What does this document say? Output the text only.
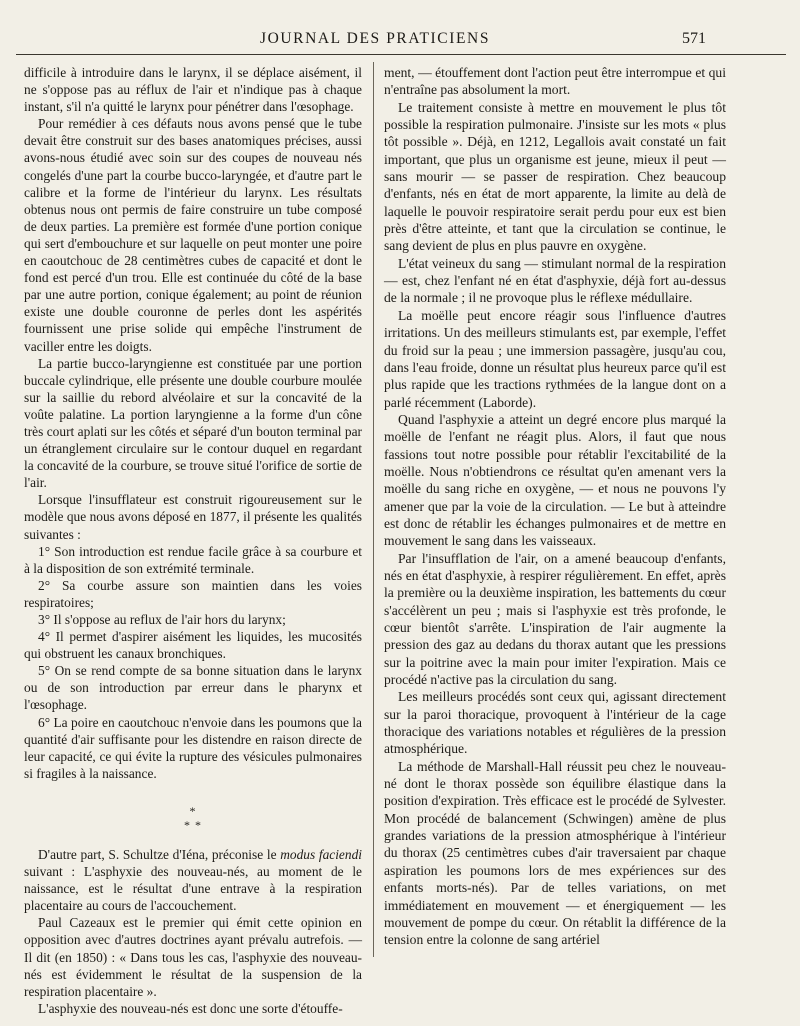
JOURNAL DES PRATICIENS	571

difficile à introduire dans le larynx, il se déplace aisément, il ne s'oppose pas au réflux de l'air et n'indique pas à chaque instant, s'il n'a quitté le larynx pour pénétrer dans l'œsophage.

Pour remédier à ces défauts nous avons pensé que le tube devait être construit sur des bases anatomiques précises, aussi avons-nous étudié avec soin sur des coupes de nouveau nés congelés d'une part la courbe bucco-laryngée, et d'autre part le calibre et la forme de l'intérieur du larynx. Les résultats obtenus nous ont permis de faire construire un tube composé de deux parties. La première est formée d'une portion conique qui sert d'embouchure et sur laquelle on peut monter une poire en caoutchouc de 28 centimètres cubes de capacité et dont le fond est percé d'un trou. Elle est continuée du côté de la base par une autre portion, conique également; au point de réunion existe une double couronne de perles dont les aspérités fournissent une prise solide qui empêche l'instrument de vaciller entre les doigts.

La partie bucco-laryngienne est constituée par une portion buccale cylindrique, elle présente une double courbure moulée sur la saillie du rebord alvéolaire et sur la concavité de la voûte palatine. La portion laryngienne a la forme d'un cône très court aplati sur les côtés et séparé d'un bouton terminal par un étranglement circulaire sur le contour duquel en regardant la concavité de la courbure, se trouve situé l'orifice de sortie de l'air.

Lorsque l'insufflateur est construit rigoureusement sur le modèle que nous avons déposé en 1877, il présente les qualités suivantes :

1° Son introduction est rendue facile grâce à sa courbure et à la disposition de son extrémité terminale.

2° Sa courbe assure son maintien dans les voies respiratoires;

3° Il s'oppose au reflux de l'air hors du larynx;

4° Il permet d'aspirer aisément les liquides, les mucosités qui obstruent les canaux bronchiques.

5° On se rend compte de sa bonne situation dans le larynx ou de son introduction par erreur dans le pharynx et l'œsophage.

6° La poire en caoutchouc n'envoie dans les poumons que la quantité d'air suffisante pour les distendre en raison directe de leur capacité, ce qui évite la rupture des vésicules pulmonaires si fragiles à la naissance.

*
* *

D'autre part, S. Schultze d'Iéna, préconise le modus faciendi suivant : L'asphyxie des nouveau-nés, au moment de le naissance, est le résultat d'une entrave à la respiration placentaire au cours de l'accouchement.

Paul Cazeaux est le premier qui émit cette opinion en opposition avec d'autres doctrines ayant prévalu autrefois. — Il dit (en 1850) : « Dans tous les cas, l'asphyxie des nouveau-nés est évidemment le résultat de la suspension de la respiration placentaire ».

L'asphyxie des nouveau-nés est donc une sorte d'étouffe-

ment, — étouffement dont l'action peut être interrompue et qui n'entraîne pas absolument la mort.

Le traitement consiste à mettre en mouvement le plus tôt possible la respiration pulmonaire. J'insiste sur les mots « plus tôt possible ». Déjà, en 1212, Legallois avait constaté un fait important, que plus un organisme est jeune, mieux il peut — sans mourir — se passer de respiration. Chez beaucoup d'enfants, nés en état de mort apparente, la limite au delà de laquelle le pouvoir respiratoire serait perdu pour eux est bien près d'être atteinte, et tant que la circulation se continue, le sang devient de plus en plus pauvre en oxygène.

L'état veineux du sang — stimulant normal de la respiration — est, chez l'enfant né en état d'asphyxie, déjà fort au-dessus de la normale ; il ne provoque plus le réflexe médullaire.

La moëlle peut encore réagir sous l'influence d'autres irritations. Un des meilleurs stimulants est, par exemple, l'effet du froid sur la peau ; une immersion passagère, jusqu'au cou, dans l'eau froide, donne un résultat plus heureux parce qu'il est plus rapide que les tractions rythmées de la langue dont on a parlé récemment (Laborde).

Quand l'asphyxie a atteint un degré encore plus marqué la moëlle de l'enfant ne réagit plus. Alors, il faut que nous fassions tout notre possible pour rétablir l'excitabilité de la moëlle. Nous n'obtiendrons ce résultat qu'en amenant vers la moëlle du sang riche en oxygène, — et nous ne pouvons l'y amener que par la voie de la circulation. — Le but à atteindre est donc de rétablir les échanges pulmonaires et de mettre en mouvement le sang dans les vaisseaux.

Par l'insufflation de l'air, on a amené beaucoup d'enfants, nés en état d'asphyxie, à respirer régulièrement. En effet, après la première ou la deuxième inspiration, les battements du cœur s'accélèrent un peu ; mais si l'asphyxie est très profonde, le cœur bientôt s'arrête. L'inspiration de l'air augmente la pression des gaz au dedans du thorax autant que les pressions sur la poitrine avec la main pour imiter l'expiration. Mais ce procédé n'active pas la circulation du sang.

Les meilleurs procédés sont ceux qui, agissant directement sur la paroi thoracique, provoquent à l'intérieur de la cage thoracique des variations notables et régulières de la pression atmosphérique.

La méthode de Marshall-Hall réussit peu chez le nouveau-né dont le thorax possède son équilibre élastique dans la position d'expiration. Très efficace est le procédé de Sylvester. Mon procédé de balancement (Schwingen) amène de plus grandes variations de la pression atmosphérique à l'intérieur du thorax (25 centimètres cubes d'air traversaient par chaque aspiration les poumons lors de mes expériences sur des enfants morts-nés). Par de telles variations, on met immédiatement en mouvement — et énergiquement — les mouvement de pompe du cœur. On rétablit la différence de la tension entre la colonne de sang artériel
